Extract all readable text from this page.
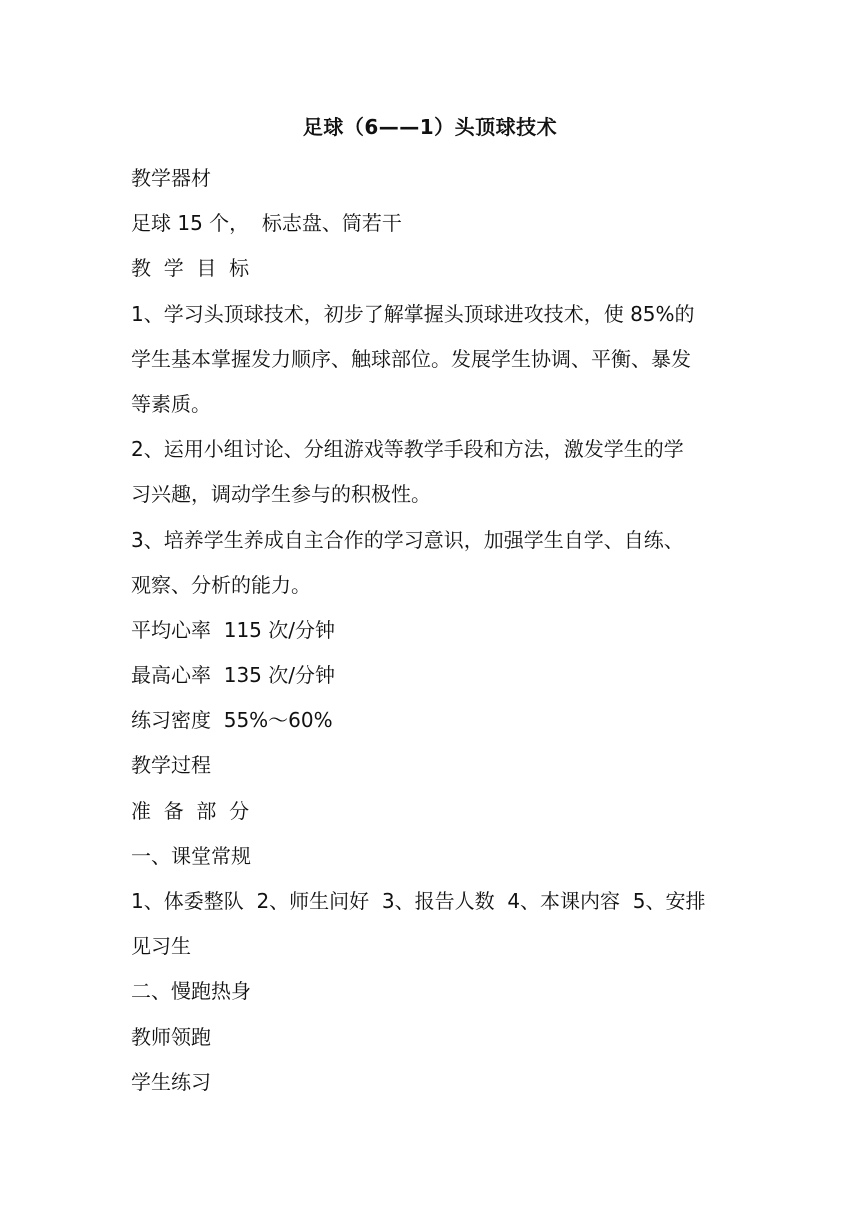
足球（6——1）头顶球技术
教学器材
足球 15 个，  标志盘、筒若干
教  学  目  标
1、学习头顶球技术，初步了解掌握头顶球进攻技术，使 85%的
学生基本掌握发力顺序、触球部位。发展学生协调、平衡、暴发
等素质。
2、运用小组讨论、分组游戏等教学手段和方法，激发学生的学
习兴趣，调动学生参与的积极性。
3、培养学生养成自主合作的学习意识，加强学生自学、自练、
观察、分析的能力。
平均心率  115 次/分钟
最高心率  135 次/分钟
练习密度  55%～60%
教学过程
准  备  部  分
一、课堂常规
1、体委整队  2、师生问好  3、报告人数  4、本课内容  5、安排
见习生
二、慢跑热身
教师领跑
学生练习
